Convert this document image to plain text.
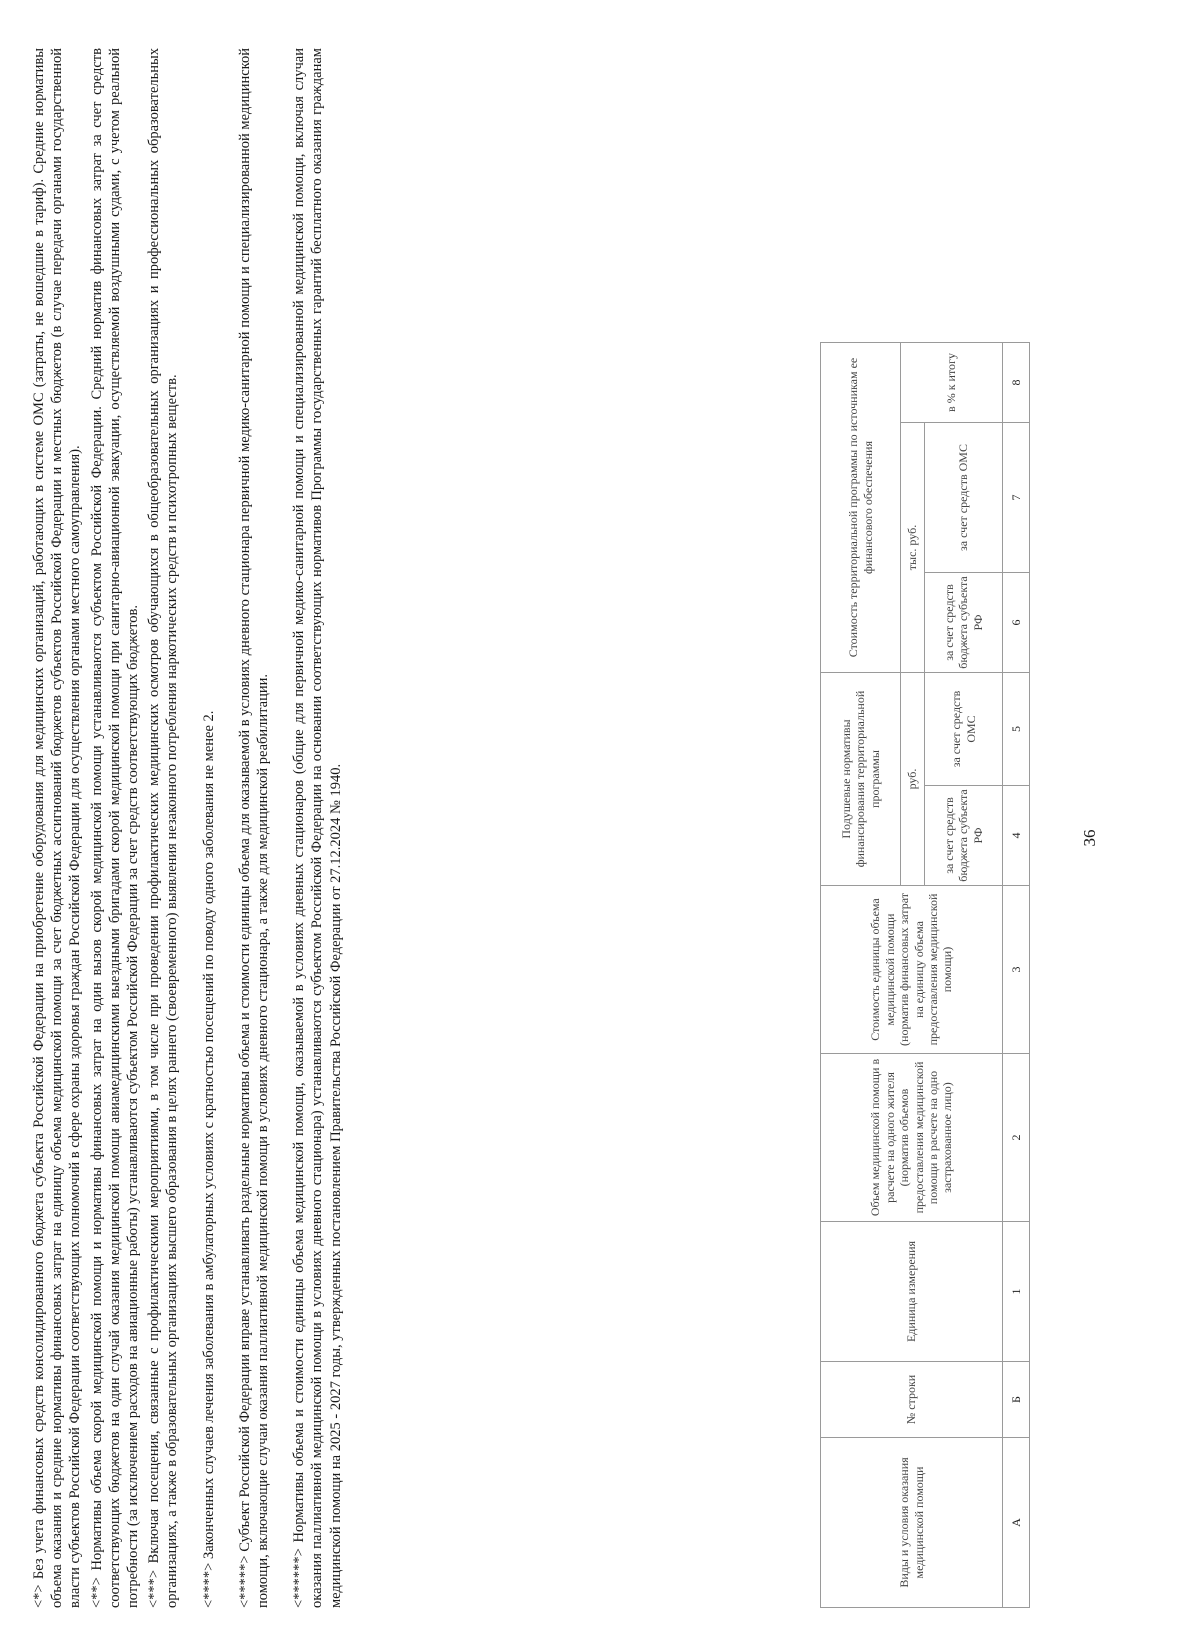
36
Виды и условия оказания медицинской помощи	№ строки	Единица измерения	Объем медицинской помощи в расчете на одного жителя (норматив объемов предоставления медицинской помощи в расчете на одно застрахованное лицо)	Стоимость единицы объема медицинской помощи (норматив финансовых затрат на единицу объема предоставления медицинской помощи)	Подушевые нормативы финансирования территориальной программы		Стоимость территориальной программы по источникам ее финансового обеспечения			
					руб.		тыс. руб.		в % к итогу	
					за счет средств бюджета субъекта РФ	за счет средств ОМС	за счет средств бюджета субъекта РФ	за счет средств ОМС		
А	Б	1	2	3	4	5	6	7	8	

<*> Без учета финансовых средств консолидированного бюджета субъекта Российской Федерации на приобретение оборудования для медицинских организаций, работающих в системе ОМС (затраты, не вошедшие в тариф). Средние нормативы объема оказания и средние нормативы финансовых затрат на единицу объема медицинской помощи за счет бюджетных ассигнований бюджетов субъектов Российской Федерации и местных бюджетов (в случае передачи органами государственной власти субъектов Российской Федерации соответствующих полномочий в сфере охраны здоровья граждан Российской Федерации для осуществления органами местного самоуправления). <**> Нормативы объема скорой медицинской помощи и нормативы финансовых затрат на один вызов скорой медицинской помощи устанавливаются субъектом Российской Федерации. Средний норматив финансовых затрат за счет средств соответствующих бюджетов на один случай оказания медицинской помощи авиамедицинскими выездными бригадами скорой медицинской помощи при санитарно-авиационной эвакуации, осуществляемой воздушными судами, с учетом реальной потребности (за исключением расходов на авиационные работы) устанавливаются субъектом Российской Федерации за счет средств соответствующих бюджетов. <***> Включая посещения, связанные с профилактическими мероприятиями, в том числе при проведении профилактических медицинских осмотров обучающихся в общеобразовательных организациях и профессиональных образовательных организациях, а также в образовательных организациях высшего образования в целях раннего (своевременного) выявления незаконного потребления наркотических средств и психотропных веществ. <****> Законченных случаев лечения заболевания в амбулаторных условиях с кратностью посещений по поводу одного заболевания не менее 2. <*****> Субъект Российской Федерации вправе устанавливать раздельные нормативы объема и стоимости единицы объема для оказываемой в условиях дневного стационара первичной медико-санитарной помощи и специализированной медицинской помощи, включающие случаи оказания паллиативной медицинской помощи в условиях дневного стационара, а также для медицинской реабилитации. <******> Нормативы объема и стоимости единицы объема медицинской помощи, оказываемой в условиях дневных стационаров (общие для первичной медико-санитарной помощи и специализированной медицинской помощи, включая случаи оказания паллиативной медицинской помощи в условиях дневного стационара) устанавливаются субъектом Российской Федерации на основании соответствующих нормативов Программы государственных гарантий бесплатного оказания гражданам медицинской помощи на 2025 - 2027 годы, утвержденных постановлением Правительства Российской Федерации от 27.12.2024 № 1940.
